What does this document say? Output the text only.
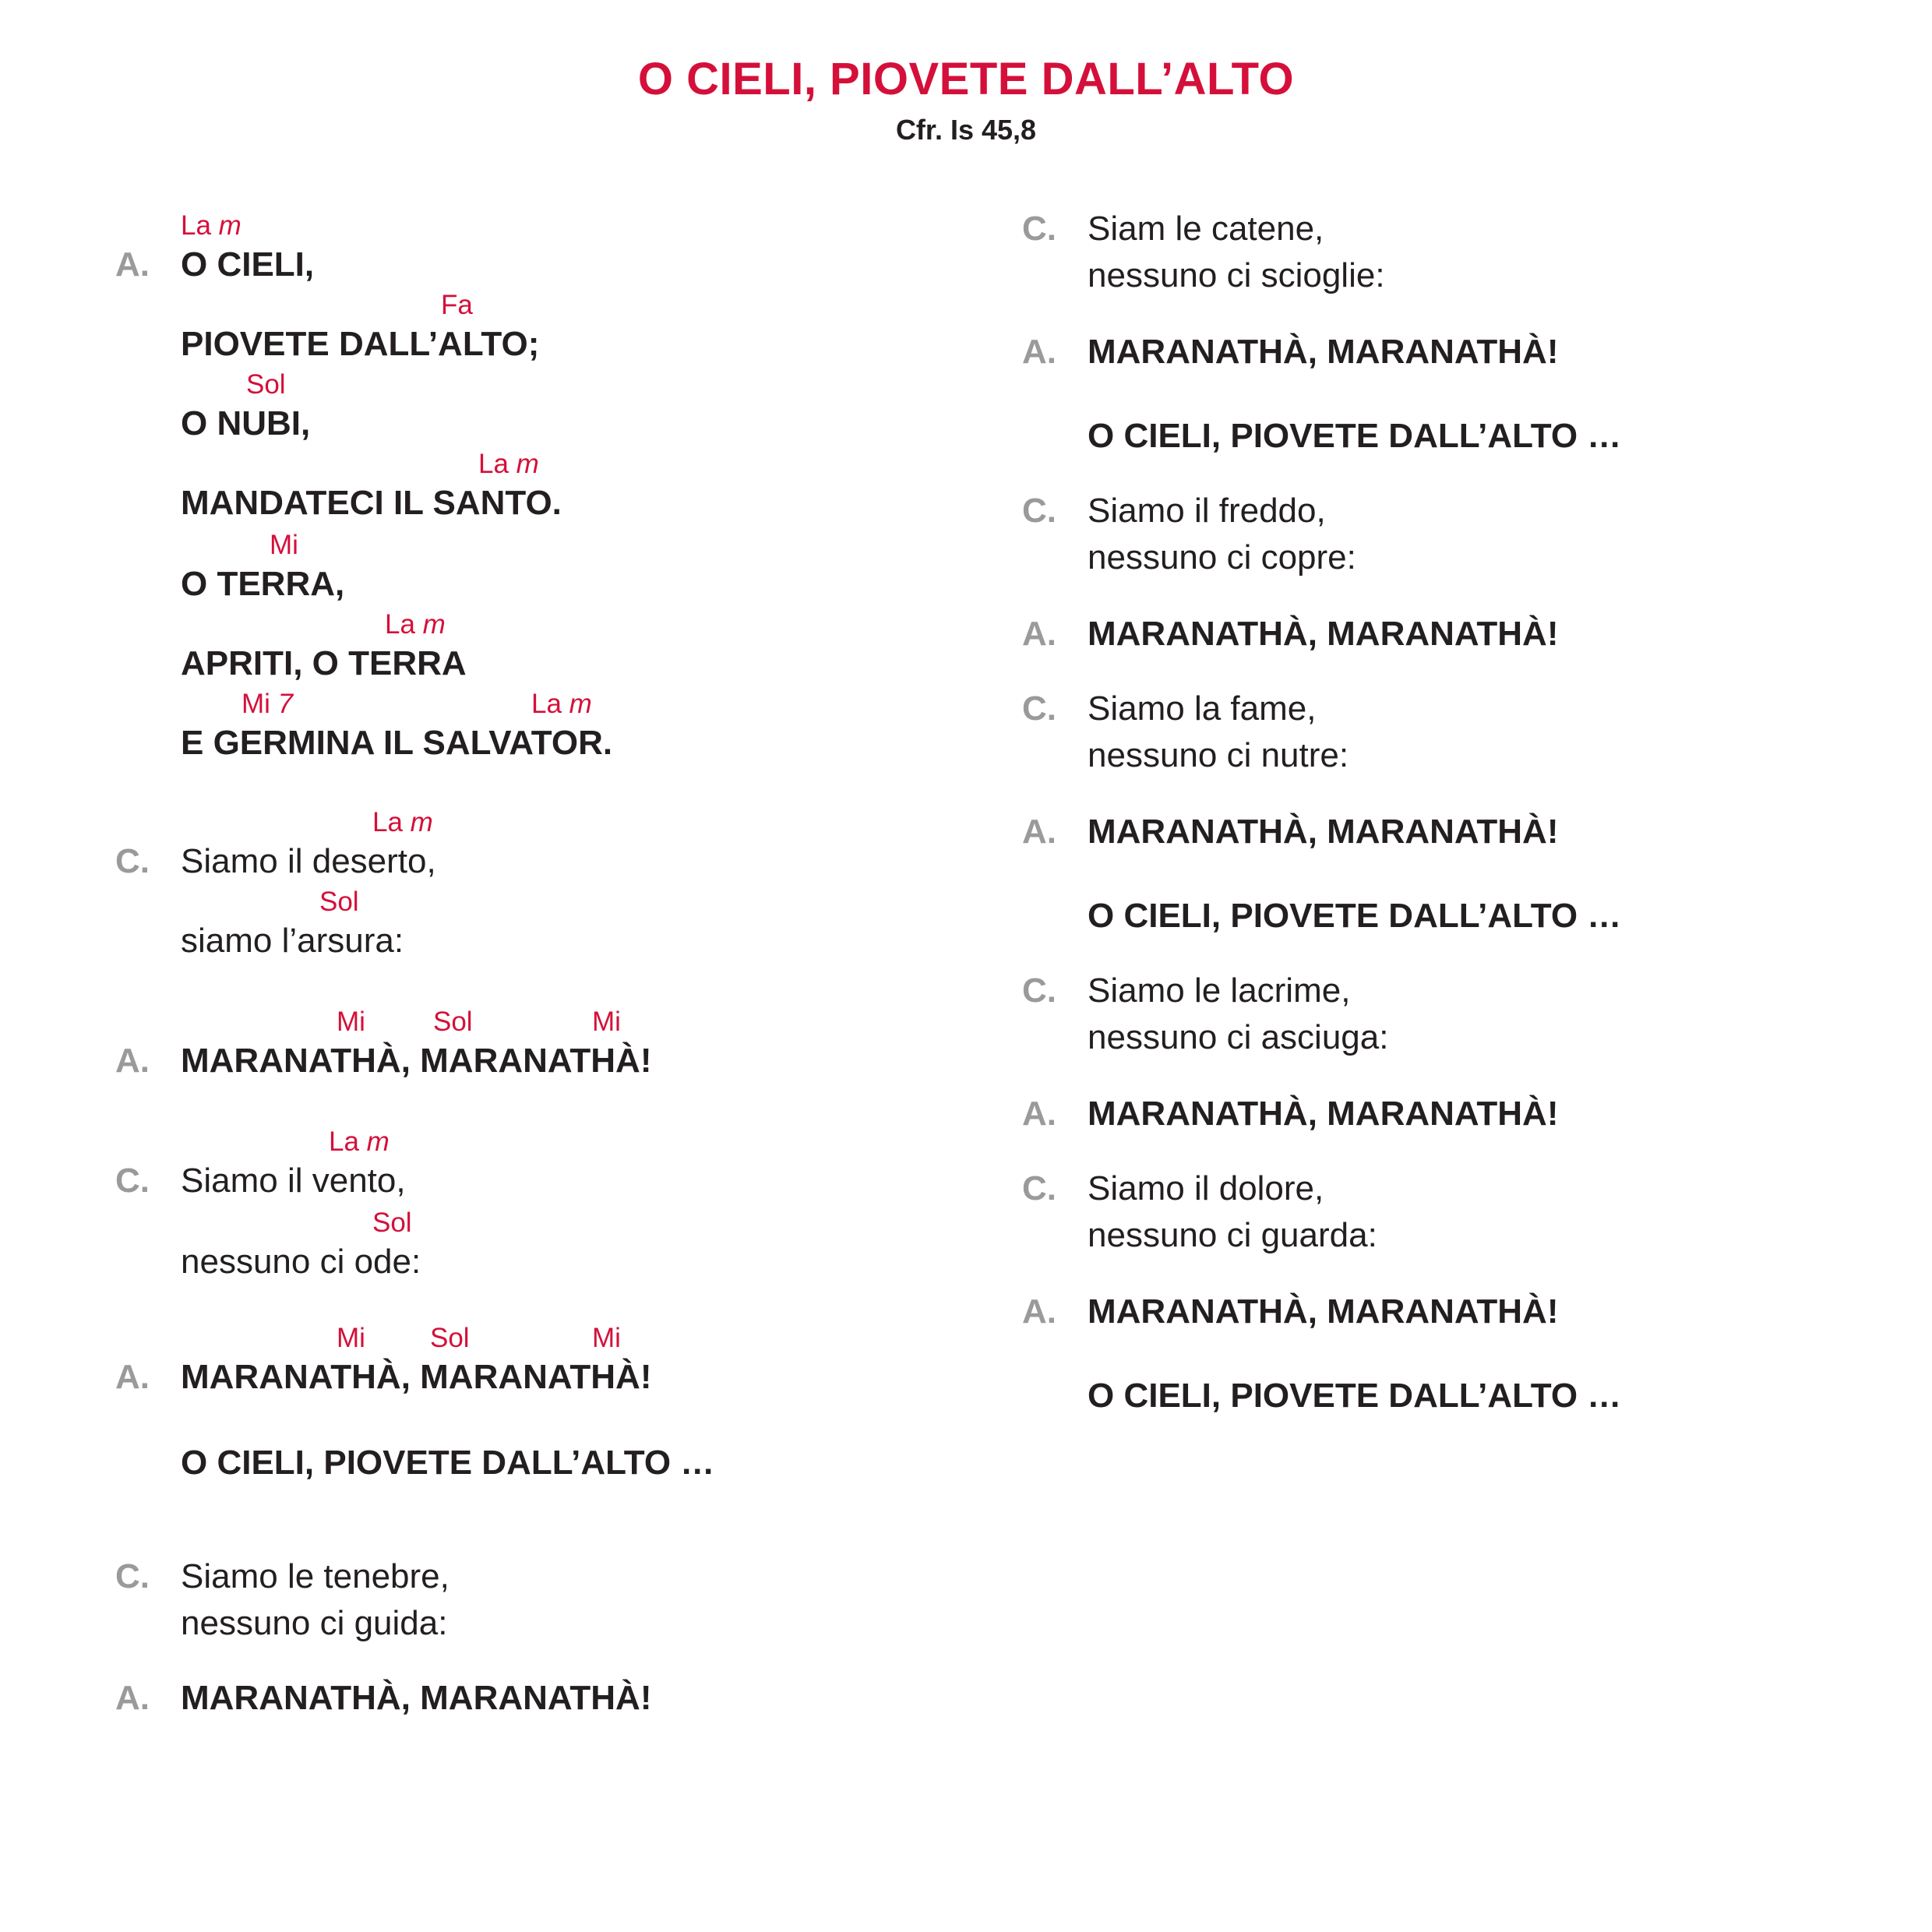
O CIELI, PIOVETE DALL’ALTO
Cfr. Is 45,8
La m
A. O CIELI,
Fa
PIOVETE DALL’ALTO;
Sol
O NUBI,
La m
MANDATECI IL SANTO.
Mi
O TERRA,
La m
APRITI, O TERRA
Mi 7	La m
E GERMINA IL SALVATOR.
La m
C. Siamo il deserto,
Sol
siamo l’arsura:
Mi Sol	Mi
A. MARANATHÀ, MARANATHÀ!
La m
C. Siamo il vento,
Sol
nessuno ci ode:
Mi Sol	Mi
A. MARANATHÀ, MARANATHÀ!
O CIELI, PIOVETE DALL’ALTO …
C. Siamo le tenebre,
nessuno ci guida:
A. MARANATHÀ, MARANATHÀ!
C. Siam le catene,
nessuno ci scioglie:
A. MARANATHÀ, MARANATHÀ!
O CIELI, PIOVETE DALL’ALTO …
C. Siamo il freddo,
nessuno ci copre:
A. MARANATHÀ, MARANATHÀ!
C. Siamo la fame,
nessuno ci nutre:
A. MARANATHÀ, MARANATHÀ!
O CIELI, PIOVETE DALL’ALTO …
C. Siamo le lacrime,
nessuno ci asciuga:
A. MARANATHÀ, MARANATHÀ!
C. Siamo il dolore,
nessuno ci guarda:
A. MARANATHÀ, MARANATHÀ!
O CIELI, PIOVETE DALL’ALTO …
